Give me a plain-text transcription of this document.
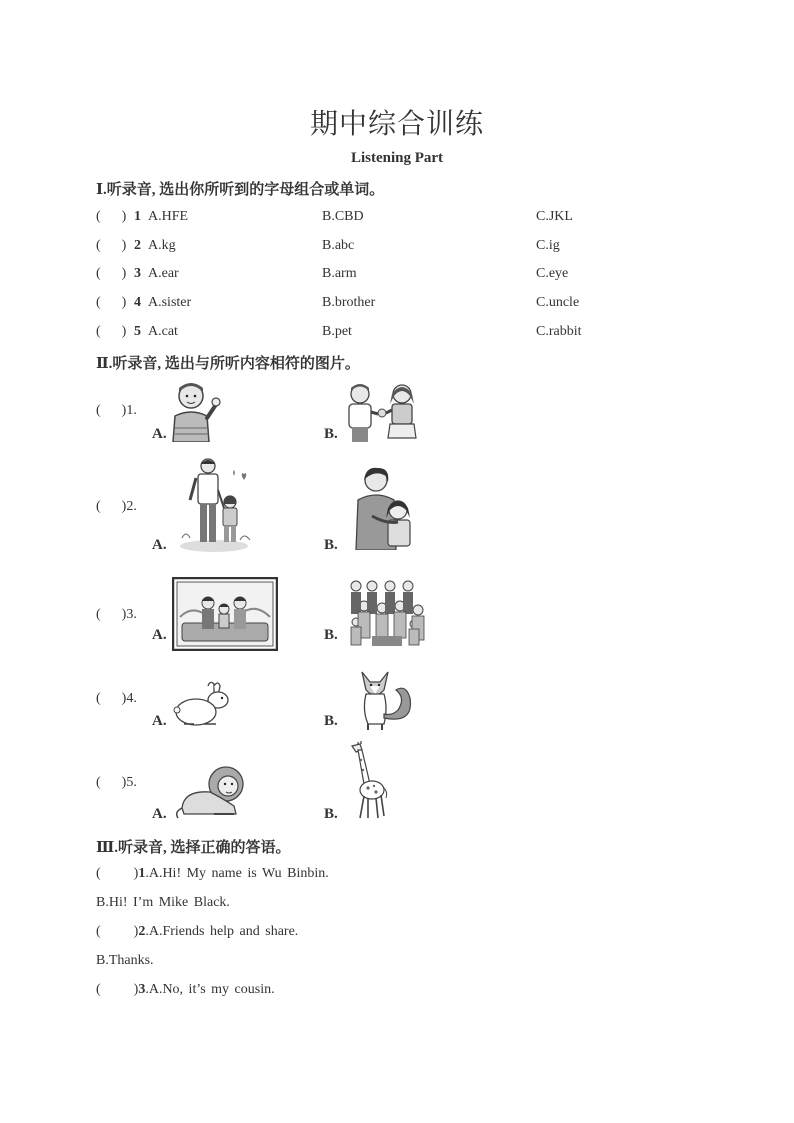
期中综合训练
Listening Part
Ⅰ.听录音, 选出你所听到的字母组合或单词。
(      ) 1 A.HFE	B.CBD	C.JKL
(      ) 2 A.kg	B.abc	C.ig
(      ) 3 A.ear	B.arm	C.eye
(      ) 4 A.sister	B.brother	C.uncle
(      ) 5 A.cat	B.pet	C.rabbit
Ⅱ.听录音, 选出与所听内容相符的图片。
(      )1.
A.	B.
(      )2.
A.	B.
(      )3.
A.	B.
(      )4.
A.	B.
(      )5.
A.	B.
Ⅲ.听录音, 选择正确的答语。
(      )1.A.Hi! My name is Wu Binbin.
B.Hi! I’m Mike Black.
(      )2.A.Friends help and share.
B.Thanks.
(      )3.A.No, it’s my cousin.
